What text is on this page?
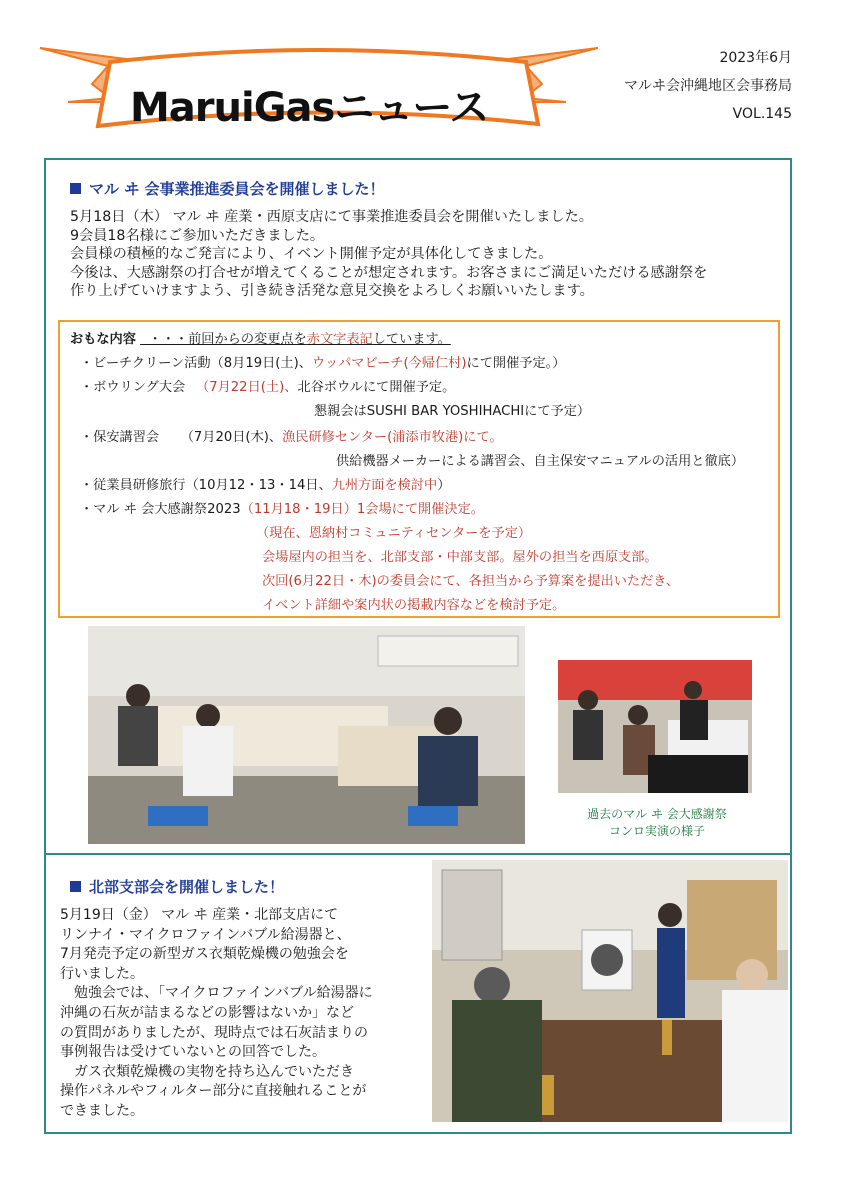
MaruiGasニュース
2023年6月
マルヰ会沖縄地区会事務局
VOL.145
マル ヰ 会事業推進委員会を開催しました！
5月18日（木） マル ヰ 産業・西原支店にて事業推進委員会を開催いたしました。
9会員18名様にご参加いただきました。
会員様の積極的なご発言により、イベント開催予定が具体化してきました。
今後は、大感謝祭の打合せが増えてくることが想定されます。お客さまにご満足いただける感謝祭を
作り上げていけますよう、引き続き活発な意見交換をよろしくお願いいたします。
おもな内容 ・・・前回からの変更点を赤文字表記しています。
・ビーチクリーン活動（8月19日(土)、ウッパマビーチ(今帰仁村)にて開催予定。）
・ボウリング大会 　（7月22日(土)、北谷ボウルにて開催予定。
懇親会はSUSHI BAR YOSHIHACHIにて予定）
・保安講習会 　 （7月20日(木)、漁民研修センター(浦添市牧港)にて。
供給機器メーカーによる講習会、自主保安マニュアルの活用と徹底）
・従業員研修旅行（10月12・13・14日、九州方面を検討中）
・マル ヰ 会大感謝祭2023（11月18・19日）1会場にて開催決定。
（現在、恩納村コミュニティセンターを予定）
会場屋内の担当を、北部支部・中部支部。屋外の担当を西原支部。
次回(6月22日・木)の委員会にて、各担当から予算案を提出いただき、
イベント詳細や案内状の掲載内容などを検討予定。
過去のマル ヰ 会大感謝祭
コンロ実演の様子
北部支部会を開催しました！
5月19日（金） マル ヰ 産業・北部支店にて
リンナイ・マイクロファインバブル給湯器と、
7月発売予定の新型ガス衣類乾燥機の勉強会を
行いました。
　勉強会では、「マイクロファインバブル給湯器に
沖縄の石灰が詰まるなどの影響はないか」など
の質問がありましたが、現時点では石灰詰まりの
事例報告は受けていないとの回答でした。
　ガス衣類乾燥機の実物を持ち込んでいただき
操作パネルやフィルター部分に直接触れることが
できました。
